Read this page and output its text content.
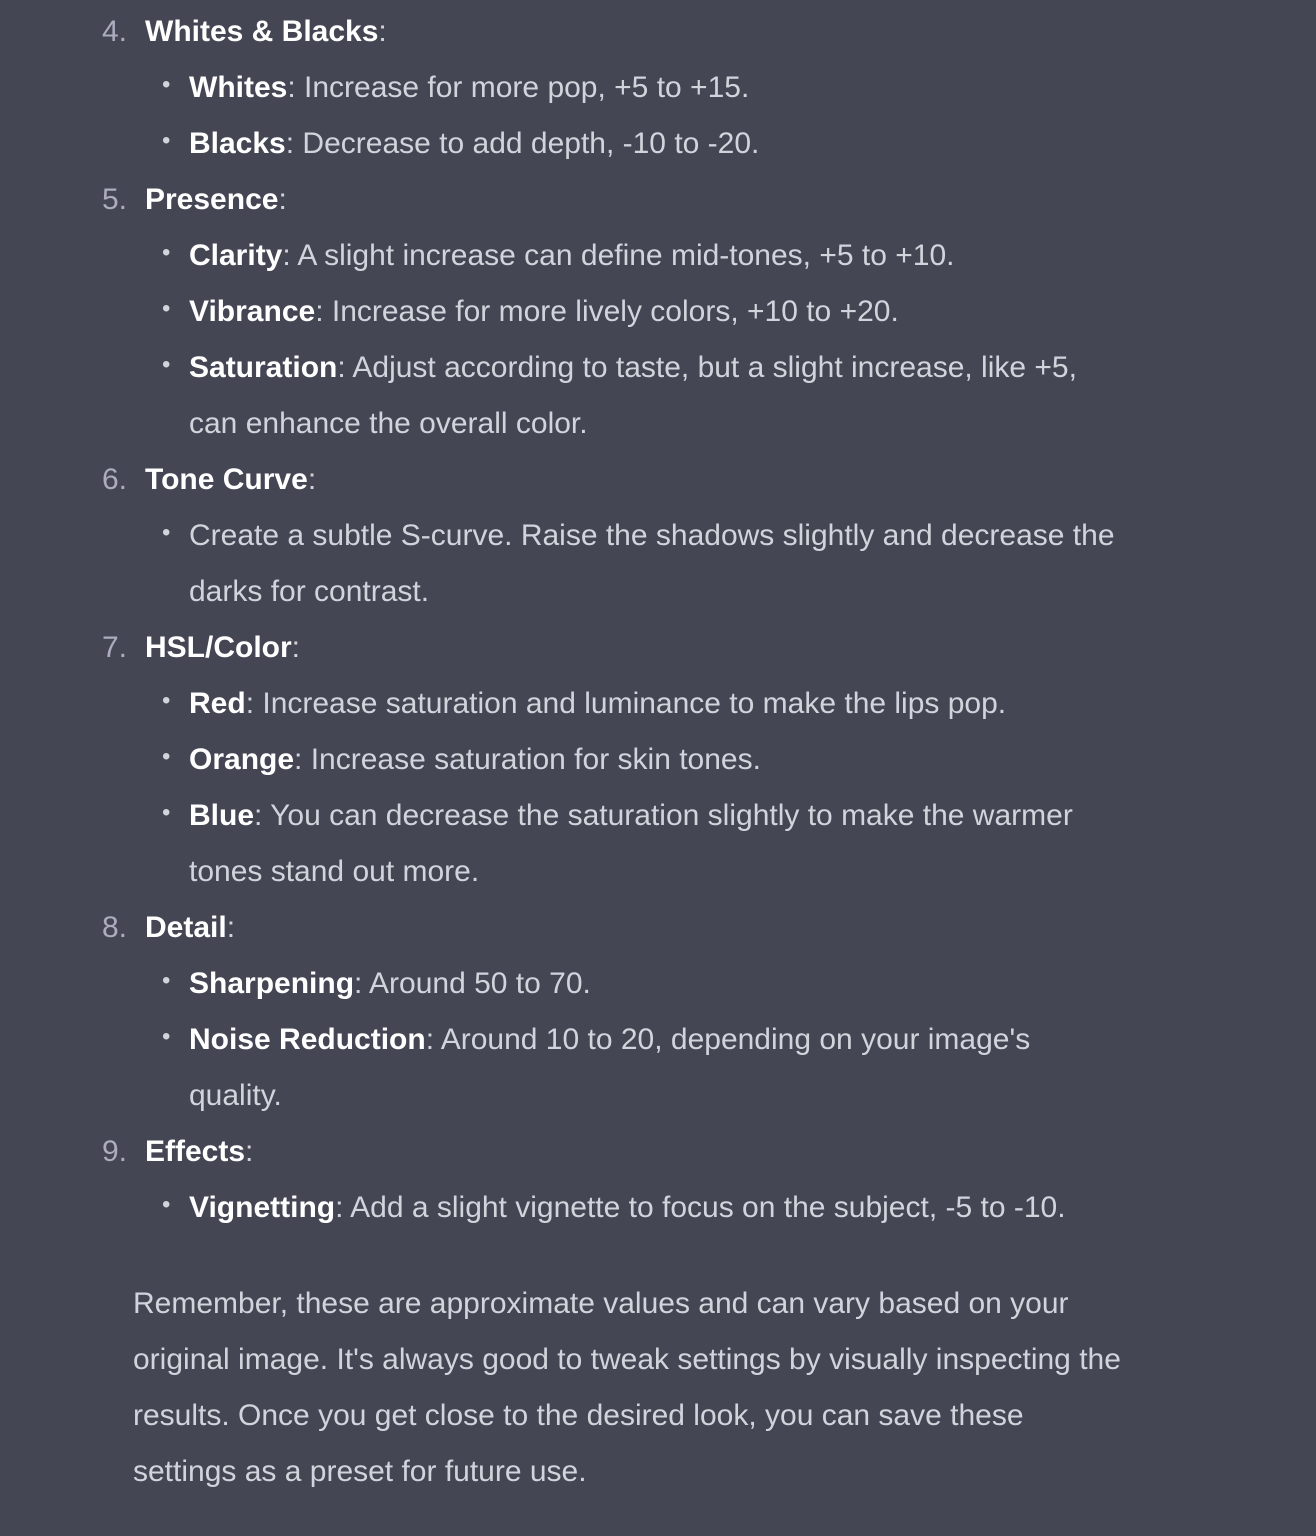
4. Whites & Blacks:
• Whites: Increase for more pop, +5 to +15.
• Blacks: Decrease to add depth, -10 to -20.
5. Presence:
• Clarity: A slight increase can define mid-tones, +5 to +10.
• Vibrance: Increase for more lively colors, +10 to +20.
• Saturation: Adjust according to taste, but a slight increase, like +5, can enhance the overall color.
6. Tone Curve:
• Create a subtle S-curve. Raise the shadows slightly and decrease the darks for contrast.
7. HSL/Color:
• Red: Increase saturation and luminance to make the lips pop.
• Orange: Increase saturation for skin tones.
• Blue: You can decrease the saturation slightly to make the warmer tones stand out more.
8. Detail:
• Sharpening: Around 50 to 70.
• Noise Reduction: Around 10 to 20, depending on your image's quality.
9. Effects:
• Vignetting: Add a slight vignette to focus on the subject, -5 to -10.

Remember, these are approximate values and can vary based on your original image. It's always good to tweak settings by visually inspecting the results. Once you get close to the desired look, you can save these settings as a preset for future use.
